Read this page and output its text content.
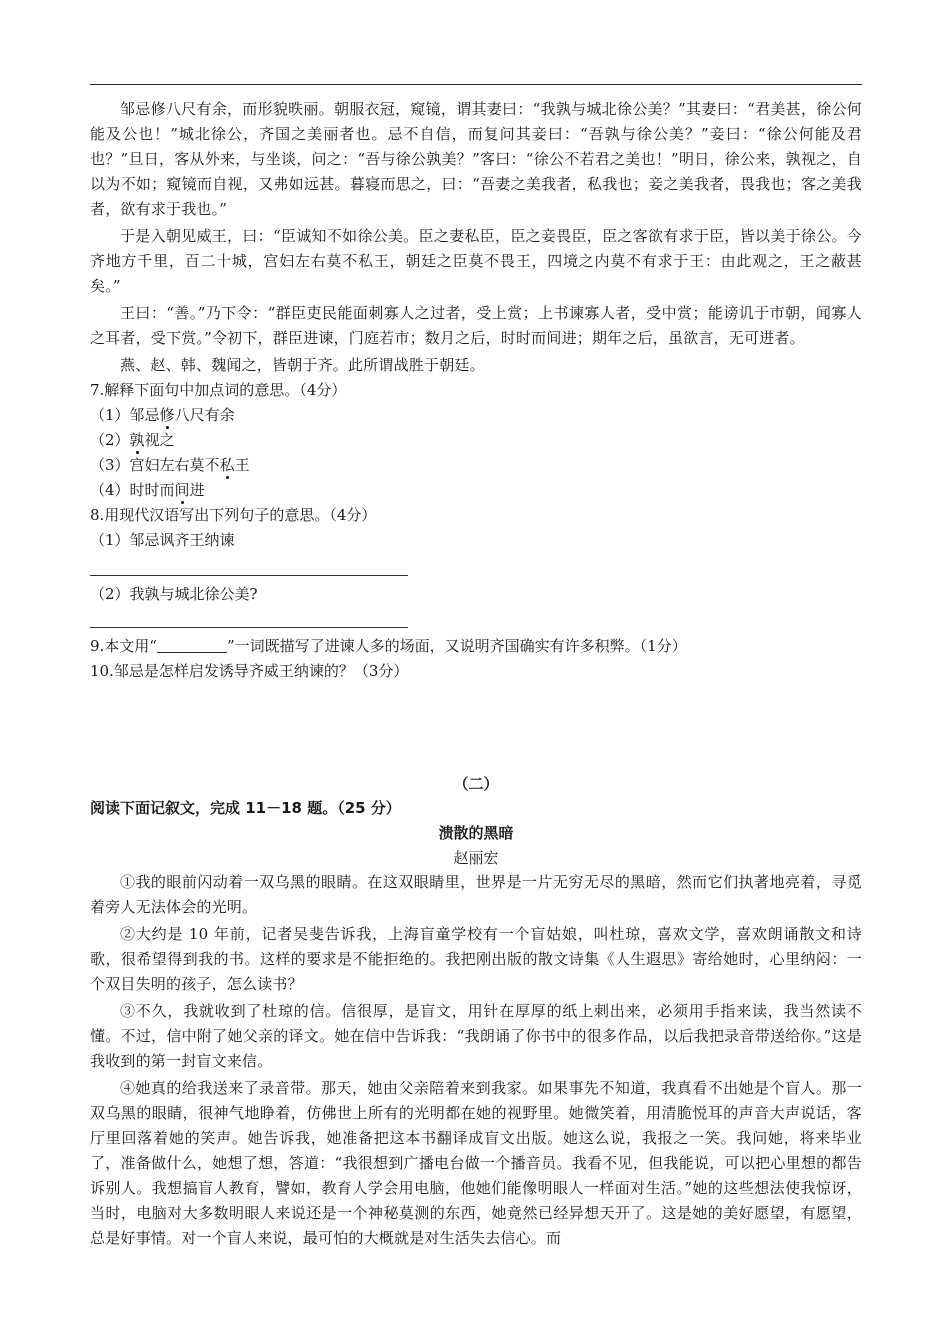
邹忌修八尺有余，而形貌昳丽。朝服衣冠，窥镜，谓其妻曰：“我孰与城北徐公美？”其妻曰：“君美甚，徐公何能及公也！”城北徐公，齐国之美丽者也。忌不自信，而复问其妾曰：“吾孰与徐公美？”妾曰：“徐公何能及君也？”旦日，客从外来，与坐谈，问之：“吾与徐公孰美？”客曰：“徐公不若君之美也！”明日，徐公来，孰视之，自以为不如；窥镜而自视，又弗如远甚。暮寝而思之，曰：“吾妻之美我者，私我也；妾之美我者，畏我也；客之美我者，欲有求于我也。”

于是入朝见威王，曰：“臣诚知不如徐公美。臣之妻私臣，臣之妾畏臣，臣之客欲有求于臣，皆以美于徐公。今齐地方千里，百二十城，宫妇左右莫不私王，朝廷之臣莫不畏王，四境之内莫不有求于王：由此观之，王之蔽甚矣。”

王曰：“善。”乃下令：“群臣吏民能面刺寡人之过者，受上赏；上书谏寡人者，受中赏；能谤讥于市朝，闻寡人之耳者，受下赏。”令初下，群臣进谏，门庭若市；数月之后，时时而间进；期年之后，虽欲言，无可进者。

燕、赵、韩、魏闻之，皆朝于齐。此所谓战胜于朝廷。

7.解释下面句中加点词的意思。（4分）

（1）邹忌修八尺有余

（2）孰视之

（3）宫妇左右莫不私王

（4）时时而间进

8.用现代汉语写出下列句子的意思。（4分）

（1）邹忌讽齐王纳谏

（2）我孰与城北徐公美?

9.本文用“	”一词既描写了进谏人多的场面，又说明齐国确实有许多积弊。（1分）

10.邹忌是怎样启发诱导齐威王纳谏的？（3分）

（二）

阅读下面记叙文，完成 11－18 题。（25 分）

溃散的黑暗

赵丽宏

①我的眼前闪动着一双乌黑的眼睛。在这双眼睛里，世界是一片无穷无尽的黑暗，然而它们执著地亮着，寻觅着旁人无法体会的光明。

②大约是 10 年前，记者吴斐告诉我，上海盲童学校有一个盲姑娘，叫杜琼，喜欢文学，喜欢朗诵散文和诗歌，很希望得到我的书。这样的要求是不能拒绝的。我把刚出版的散文诗集《人生遐思》寄给她时，心里纳闷：一个双目失明的孩子，怎么读书？

③不久，我就收到了杜琼的信。信很厚，是盲文，用针在厚厚的纸上刺出来，必须用手指来读，我当然读不懂。不过，信中附了她父亲的译文。她在信中告诉我：“我朗诵了你书中的很多作品，以后我把录音带送给你。”这是我收到的第一封盲文来信。

④她真的给我送来了录音带。那天，她由父亲陪着来到我家。如果事先不知道，我真看不出她是个盲人。那一双乌黑的眼睛，很神气地睁着，仿佛世上所有的光明都在她的视野里。她微笑着，用清脆悦耳的声音大声说话，客厅里回落着她的笑声。她告诉我，她准备把这本书翻译成盲文出版。她这么说，我报之一笑。我问她，将来毕业了，准备做什么，她想了想，答道：“我很想到广播电台做一个播音员。我看不见，但我能说，可以把心里想的都告诉别人。我想搞盲人教育，譬如，教育人学会用电脑，他她们能像明眼人一样面对生活。”她的这些想法使我惊讶，当时，电脑对大多数明眼人来说还是一个神秘莫测的东西，她竟然已经异想天开了。这是她的美好愿望，有愿望，总是好事情。对一个盲人来说，最可怕的大概就是对生活失去信心。而
